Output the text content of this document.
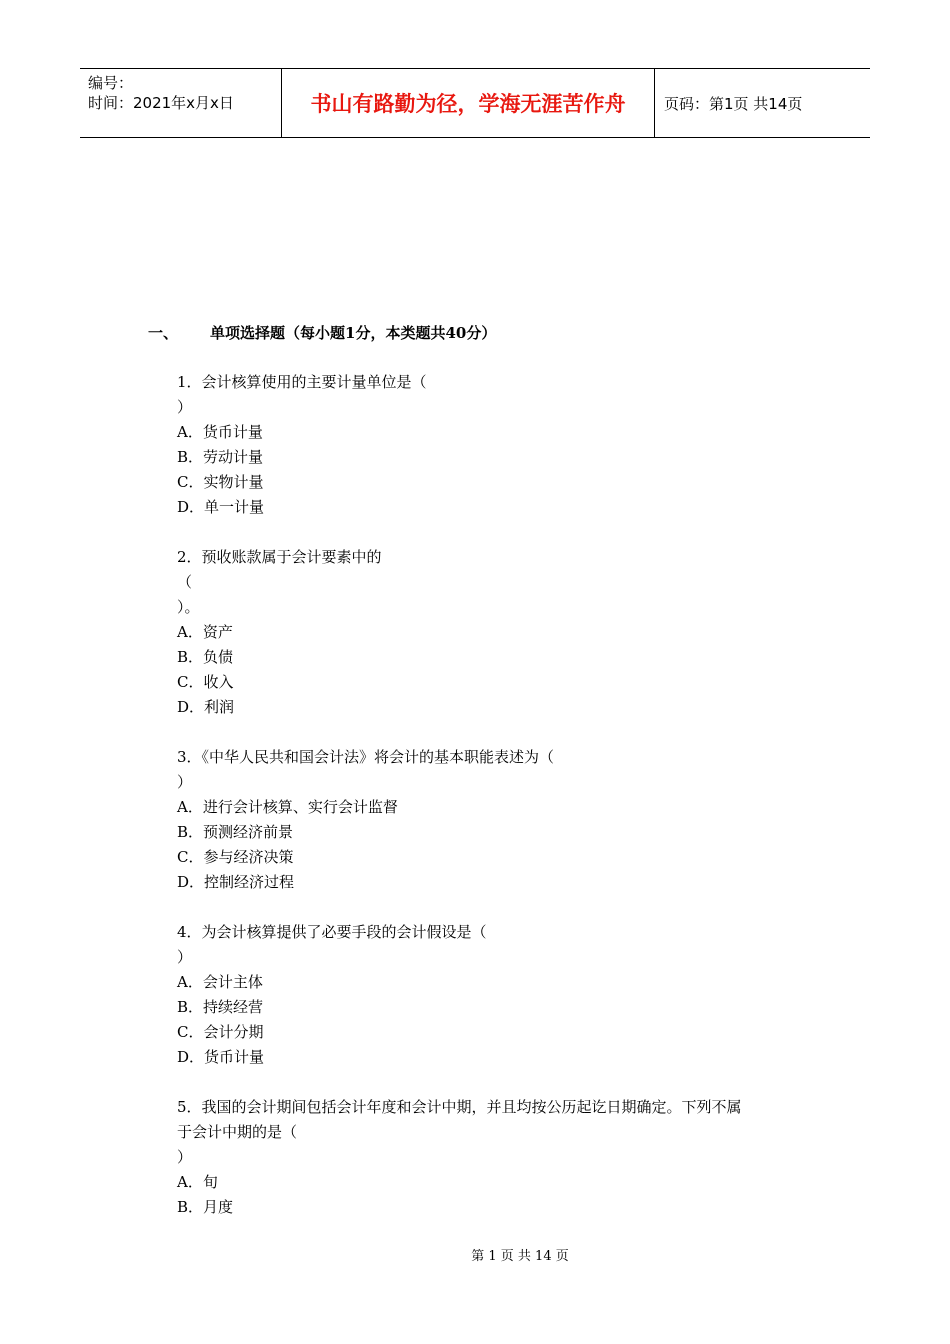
编号：
时间：2021年x月x日	书山有路勤为径，学海无涯苦作舟	页码：第1页 共14页
一、	单项选择题（每小题1分，本类题共40分）
1．会计核算使用的主要计量单位是（
）
A．货币计量
B．劳动计量
C．实物计量
D．单一计量
2．预收账款属于会计要素中的
（
）。
A．资产
B．负债
C．收入
D．利润
3．《中华人民共和国会计法》将会计的基本职能表述为（
）
A．进行会计核算、实行会计监督
B．预测经济前景
C．参与经济决策
D．控制经济过程
4．为会计核算提供了必要手段的会计假设是（
）
A．会计主体
B．持续经营
C．会计分期
D．货币计量
5．我国的会计期间包括会计年度和会计中期，并且均按公历起讫日期确定。下列不属
于会计中期的是（
）
A．旬
B．月度
第 1 页 共 14 页
